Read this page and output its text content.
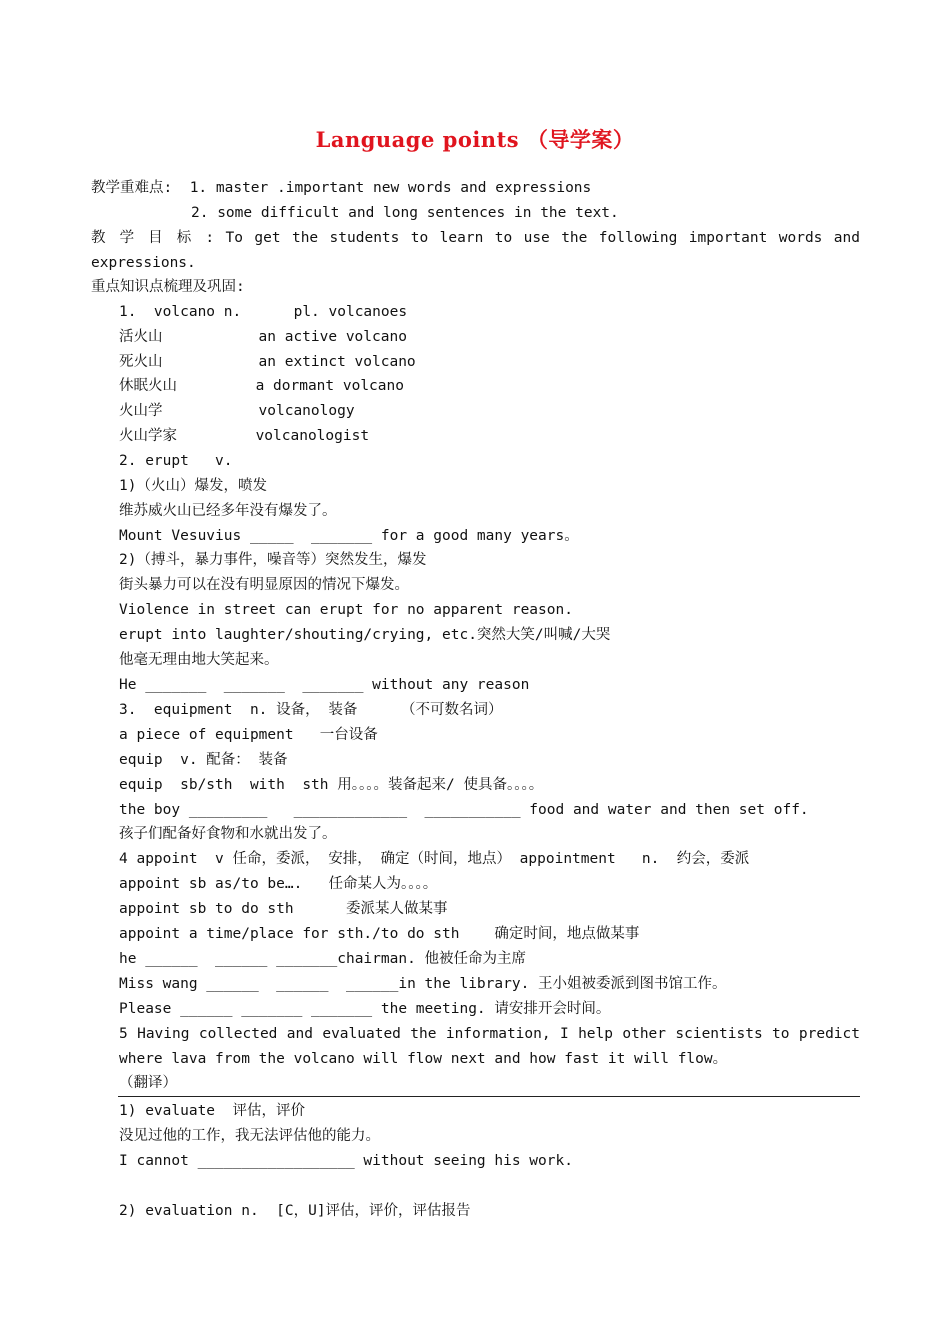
Language points （导学案）
教学重难点:  1. master .important new words and expressions
2. some difficult and long sentences in the text.
教 学 目 标 : To get the students to learn to use the following important words and
expressions.
重点知识点梳理及巩固:
1.  volcano n.      pl. volcanoes
活火山           an active volcano
死火山           an extinct volcano
休眠火山         a dormant volcano
火山学           volcanology
火山学家         volcanologist
2. erupt   v.
1)（火山）爆发，喷发
维苏威火山已经多年没有爆发了。
Mount Vesuvius _____  _______ for a good many years。
2)（搏斗，暴力事件，噪音等）突然发生，爆发
街头暴力可以在没有明显原因的情况下爆发。
Violence in street can erupt for no apparent reason.
erupt into laughter/shouting/crying, etc.突然大笑/叫喊/大哭
他毫无理由地大笑起来。
He _______  _______  _______ without any reason
3.  equipment  n. 设备， 装备     （不可数名词）
a piece of equipment   一台设备
equip  v. 配备： 装备
equip  sb/sth  with  sth 用。。。。装备起来/ 使具备。。。。
the boy _________   _____________  ___________ food and water and then set off.
孩子们配备好食物和水就出发了。
4 appoint  v 任命，委派， 安排， 确定（时间，地点） appointment   n.  约会，委派
appoint sb as/to be….   任命某人为。。。。
appoint sb to do sth      委派某人做某事
appoint a time/place for sth./to do sth    确定时间，地点做某事
he ______  ______ _______chairman. 他被任命为主席
Miss wang ______  ______  ______in the library. 王小姐被委派到图书馆工作。
Please ______ _______ _______ the meeting. 请安排开会时间。
5 Having collected and evaluated the information, I help other scientists to predict
where lava from the volcano will flow next and how fast it will flow。
（翻译）
1) evaluate  评估，评价
没见过他的工作，我无法评估他的能力。
I cannot __________________ without seeing his work.
2) evaluation n.  [C，U]评估，评价，评估报告
